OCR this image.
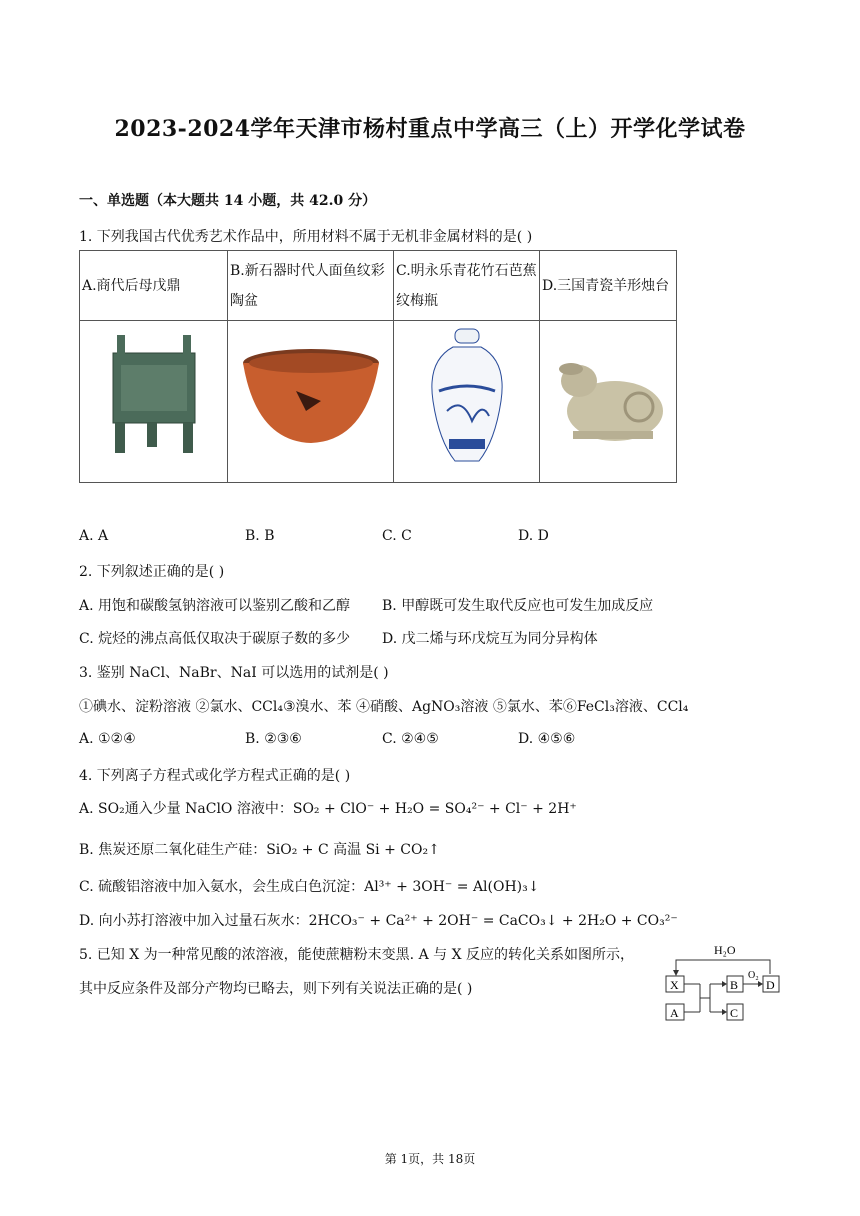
2023-2024学年天津市杨村重点中学高三（上）开学化学试卷
一、单选题（本大题共 14 小题，共 42.0 分）
1. 下列我国古代优秀艺术作品中，所用材料不属于无机非金属材料的是( )
A.商代后母戊鼎	B.新石器时代人面鱼纹彩陶盆	C.明永乐青花竹石芭蕉纹梅瓶	D.三国青瓷羊形烛台

A. A	B. B	C. C	D. D
2. 下列叙述正确的是( )
A. 用饱和碳酸氢钠溶液可以鉴别乙酸和乙醇 B. 甲醇既可发生取代反应也可发生加成反应
C. 烷烃的沸点高低仅取决于碳原子数的多少 D. 戊二烯与环戊烷互为同分异构体
3. 鉴别 NaCl、NaBr、NaI 可以选用的试剂是( )
①碘水、淀粉溶液 ②氯水、CCl₄③溴水、苯 ④硝酸、AgNO₃溶液 ⑤氯水、苯⑥FeCl₃溶液、CCl₄
A. ①②④	B. ②③⑥	C. ②④⑤	D. ④⑤⑥
4. 下列离子方程式或化学方程式正确的是( )
A. SO₂通入少量 NaClO 溶液中：SO₂ + ClO⁻ + H₂O = SO₄²⁻ + Cl⁻ + 2H⁺
B. 焦炭还原二氧化硅生产硅：SiO₂ + C 高温 Si + CO₂↑
C. 硫酸铝溶液中加入氨水，会生成白色沉淀：Al³⁺ + 3OH⁻ = Al(OH)₃↓
D. 向小苏打溶液中加入过量石灰水：2HCO₃⁻ + Ca²⁺ + 2OH⁻ = CaCO₃↓ + 2H₂O + CO₃²⁻
5. 已知 X 为一种常见酸的浓溶液，能使蔗糖粉末变黑. A 与 X 反应的转化关系如图所示，
其中反应条件及部分产物均已略去，则下列有关说法正确的是( )
H₂O
X
A
B
C
O₂
D
第 1页，共 18页
